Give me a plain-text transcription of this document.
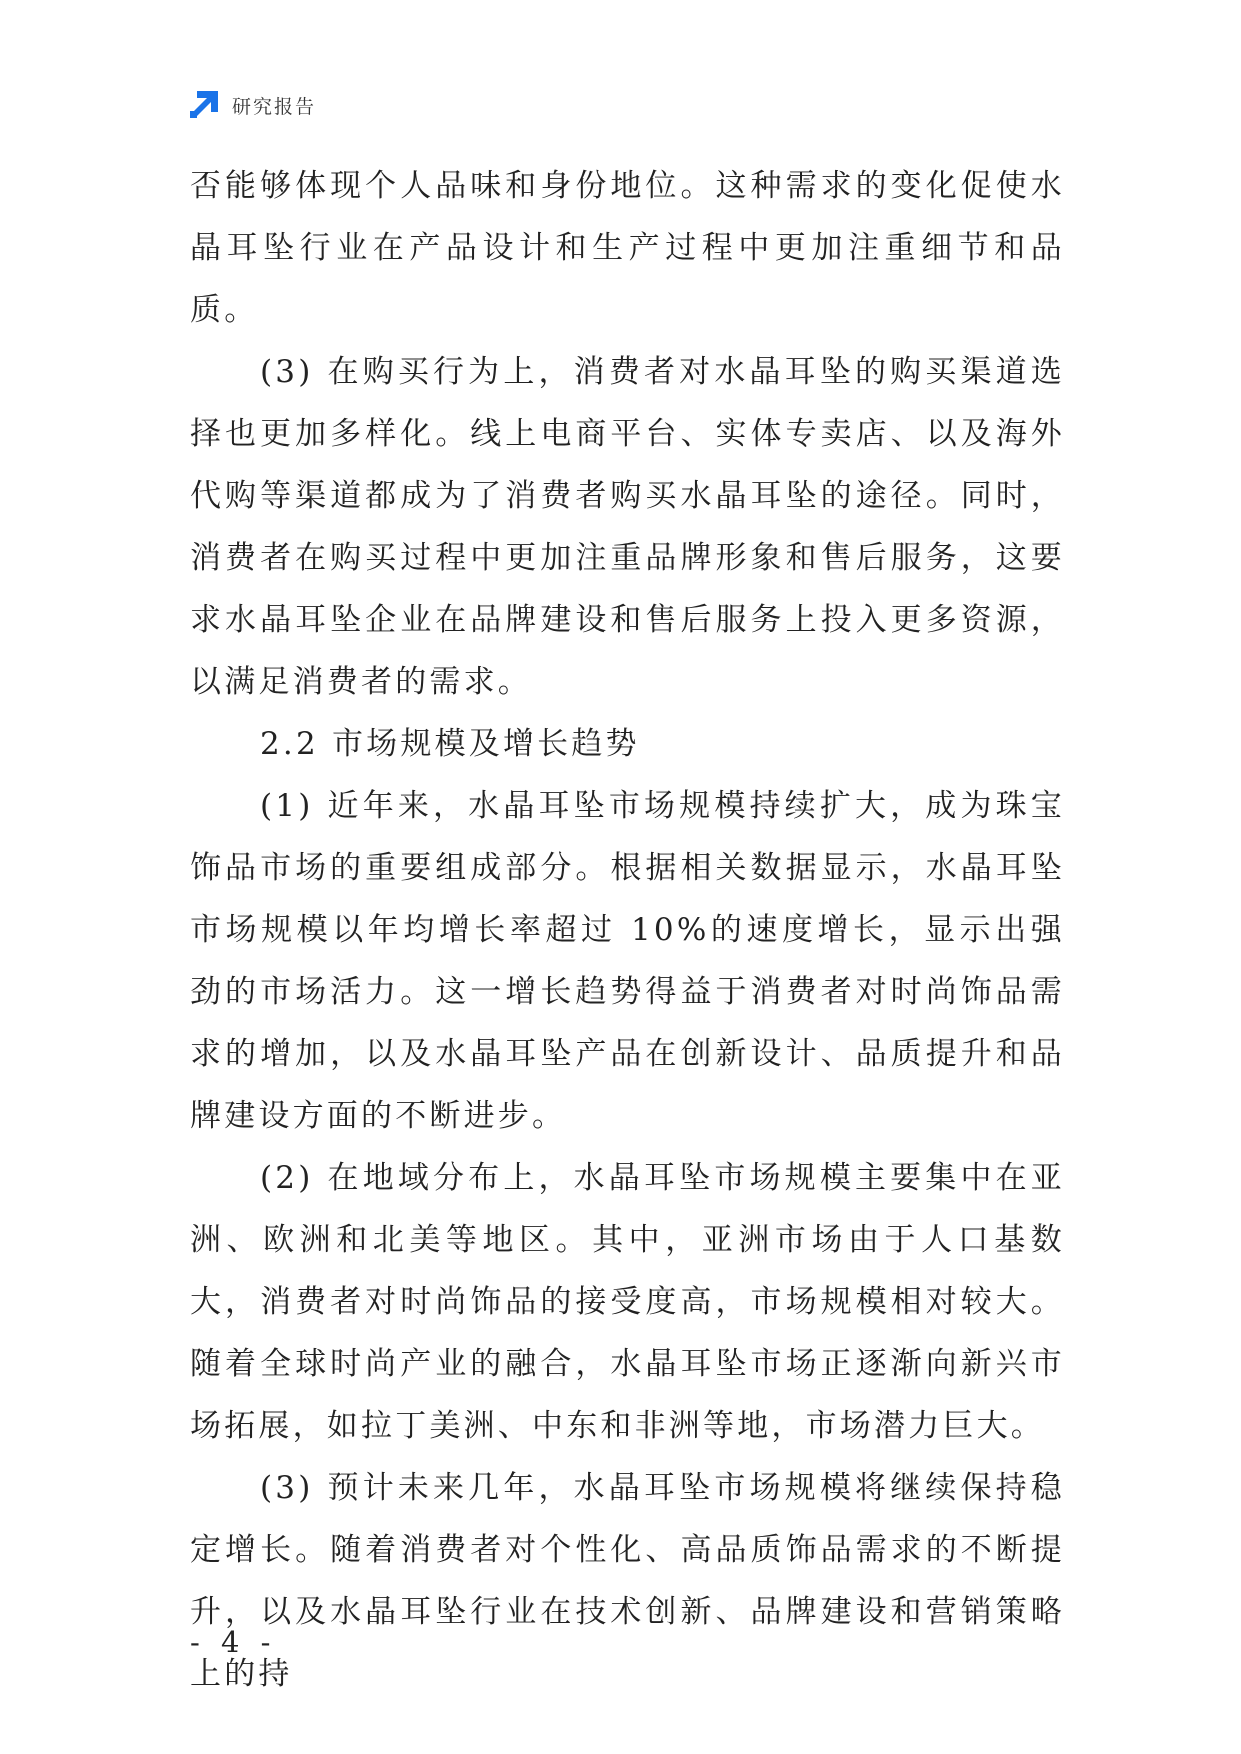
研究报告

否能够体现个人品味和身份地位。这种需求的变化促使水晶耳坠行业在产品设计和生产过程中更加注重细节和品质。

(3) 在购买行为上，消费者对水晶耳坠的购买渠道选择也更加多样化。线上电商平台、实体专卖店、以及海外代购等渠道都成为了消费者购买水晶耳坠的途径。同时，消费者在购买过程中更加注重品牌形象和售后服务，这要求水晶耳坠企业在品牌建设和售后服务上投入更多资源，以满足消费者的需求。

2.2 市场规模及增长趋势

(1) 近年来，水晶耳坠市场规模持续扩大，成为珠宝饰品市场的重要组成部分。根据相关数据显示，水晶耳坠市场规模以年均增长率超过 10%的速度增长，显示出强劲的市场活力。这一增长趋势得益于消费者对时尚饰品需求的增加，以及水晶耳坠产品在创新设计、品质提升和品牌建设方面的不断进步。

(2) 在地域分布上，水晶耳坠市场规模主要集中在亚洲、欧洲和北美等地区。其中，亚洲市场由于人口基数大，消费者对时尚饰品的接受度高，市场规模相对较大。随着全球时尚产业的融合，水晶耳坠市场正逐渐向新兴市场拓展，如拉丁美洲、中东和非洲等地，市场潜力巨大。

(3) 预计未来几年，水晶耳坠市场规模将继续保持稳定增长。随着消费者对个性化、高品质饰品需求的不断提升，以及水晶耳坠行业在技术创新、品牌建设和营销策略上的持

- 4 -
